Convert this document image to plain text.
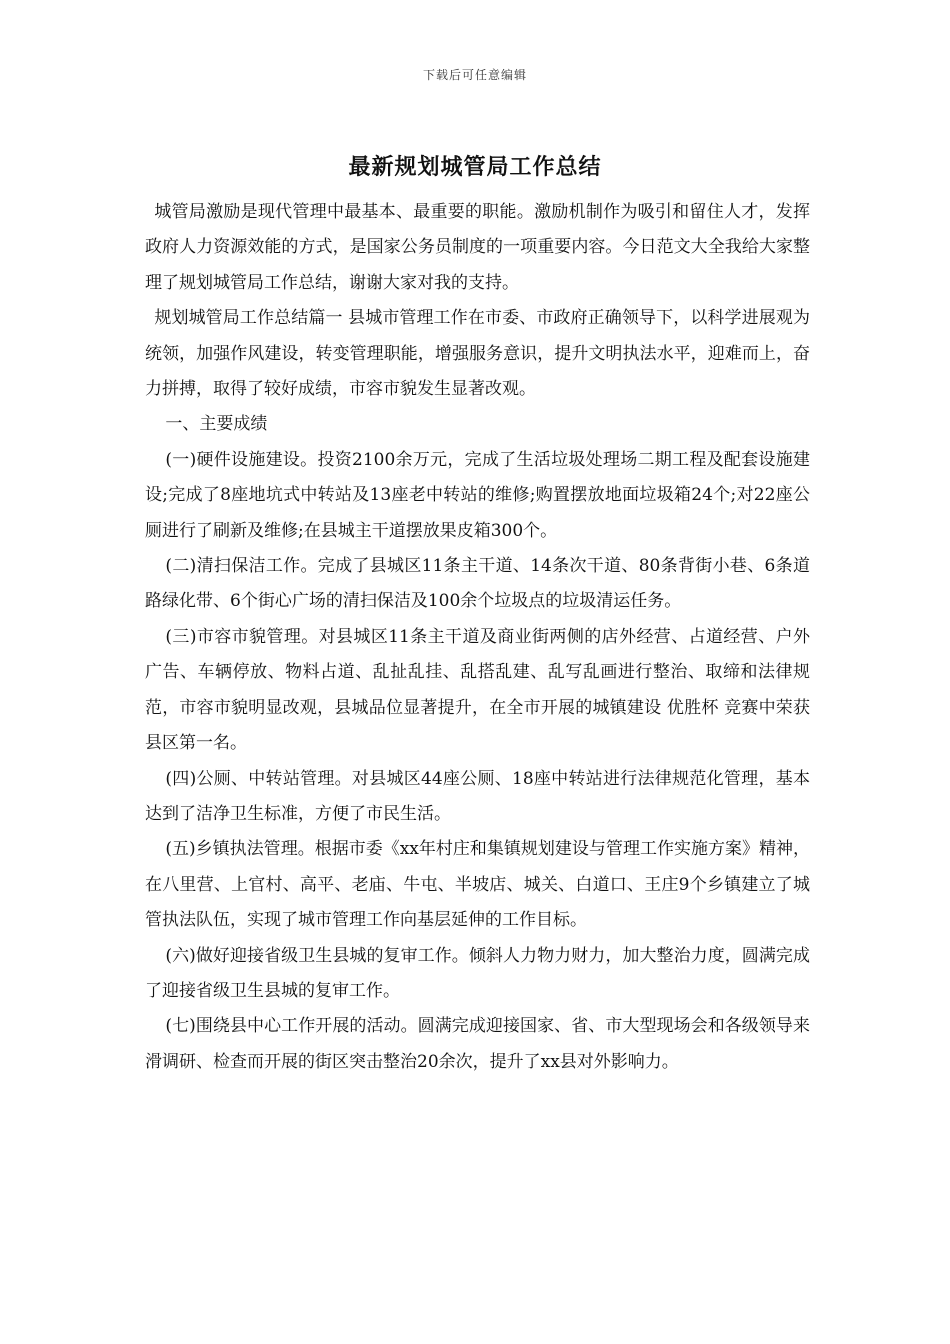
下载后可任意编辑
最新规划城管局工作总结

城管局激励是现代管理中最基本、最重要的职能。激励机制作为吸引和留住人才，发挥政府人力资源效能的方式，是国家公务员制度的一项重要内容。今日范文大全我给大家整理了规划城管局工作总结，谢谢大家对我的支持。

规划城管局工作总结篇一 县城市管理工作在市委、市政府正确领导下，以科学进展观为统领，加强作风建设，转变管理职能，增强服务意识，提升文明执法水平，迎难而上，奋力拼搏，取得了较好成绩，市容市貌发生显著改观。

一、主要成绩

(一)硬件设施建设。投资2100余万元，完成了生活垃圾处理场二期工程及配套设施建设;完成了8座地坑式中转站及13座老中转站的维修;购置摆放地面垃圾箱24个;对22座公厕进行了刷新及维修;在县城主干道摆放果皮箱300个。

(二)清扫保洁工作。完成了县城区11条主干道、14条次干道、80条背街小巷、6条道路绿化带、6个街心广场的清扫保洁及100余个垃圾点的垃圾清运任务。

(三)市容市貌管理。对县城区11条主干道及商业街两侧的店外经营、占道经营、户外广告、车辆停放、物料占道、乱扯乱挂、乱搭乱建、乱写乱画进行整治、取缔和法律规范，市容市貌明显改观，县城品位显著提升，在全市开展的城镇建设 优胜杯 竞赛中荣获县区第一名。

(四)公厕、中转站管理。对县城区44座公厕、18座中转站进行法律规范化管理，基本达到了洁净卫生标准，方便了市民生活。

(五)乡镇执法管理。根据市委《xx年村庄和集镇规划建设与管理工作实施方案》精神，在八里营、上官村、高平、老庙、牛屯、半坡店、城关、白道口、王庄9个乡镇建立了城管执法队伍，实现了城市管理工作向基层延伸的工作目标。

(六)做好迎接省级卫生县城的复审工作。倾斜人力物力财力，加大整治力度，圆满完成了迎接省级卫生县城的复审工作。

(七)围绕县中心工作开展的活动。圆满完成迎接国家、省、市大型现场会和各级领导来滑调研、检查而开展的街区突击整治20余次，提升了xx县对外影响力。
